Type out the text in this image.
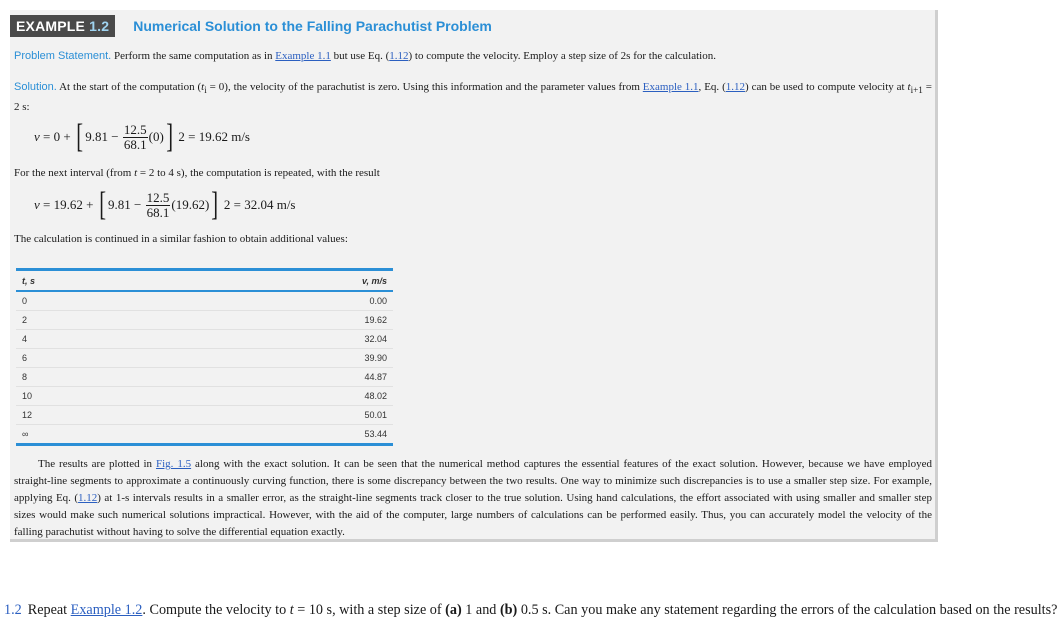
EXAMPLE 1.2	Numerical Solution to the Falling Parachutist Problem
Problem Statement. Perform the same computation as in Example 1.1 but use Eq. (1.12) to compute the velocity. Employ a step size of 2s for the calculation.
Solution. At the start of the computation $(t_i = 0)$, the velocity of the parachutist is zero. Using this information and the parameter values from Example 1.1, Eq. (1.12) can be used to compute velocity at $t_{i+1} = 2$ s:
v = 0 + [ $9.81 - \frac{12.5}{68.1} (0)$ ] 2 = 19.62 m/s
For the next interval (from t = 2 to 4 s), the computation is repeated, with the result
v = 19.62 + [ $9.81 - \frac{12.5}{68.1} (19.62)$ ] 2 = 32.04 m/s
The calculation is continued in a similar fashion to obtain additional values:
t, s	v, m/s
0	0.00
2	19.62
4	32.04
6	39.90
8	44.87
10	48.02
12	50.01
∞	53.44
The results are plotted in Fig. 1.5 along with the exact solution. It can be seen that the numerical method captures the essential features of the exact solution. However, because we have employed straight-line segments to approximate a continuously curving function, there is some discrepancy between the two results. One way to minimize such discrepancies is to use a smaller step size. For example, applying Eq. (1.12) at 1-s intervals results in a smaller error, as the straight-line segments track closer to the true solution. Using hand calculations, the effort associated with using smaller and smaller step sizes would make such numerical solutions impractical. However, with the aid of the computer, large numbers of calculations can be performed easily. Thus, you can accurately model the velocity of the falling parachutist without having to solve the differential equation exactly.
1.2 Repeat Example 1.2. Compute the velocity to t = 10 s, with a step size of (a) 1 and (b) 0.5 s. Can you make any statement regarding the errors of the calculation based on the results?
